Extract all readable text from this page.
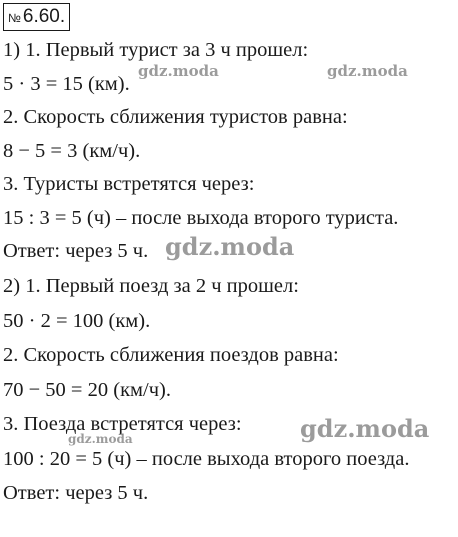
№ 6.60.
1) 1. Первый турист за 3 ч прошел:
5 · 3 = 15 (км).
2. Скорость сближения туристов равна:
8 − 5 = 3 (км/ч).
3. Туристы встретятся через:
15 : 3 = 5 (ч) – после выхода второго туриста.
Ответ: через 5 ч.
2) 1. Первый поезд за 2 ч прошел:
50 · 2 = 100 (км).
2. Скорость сближения поездов равна:
70 − 50 = 20 (км/ч).
3. Поезда встретятся через:
100 : 20 = 5 (ч) – после выхода второго поезда.
Ответ: через 5 ч.
gdz.moda	gdz.moda
gdz.moda
gdz.moda
gdz.moda
